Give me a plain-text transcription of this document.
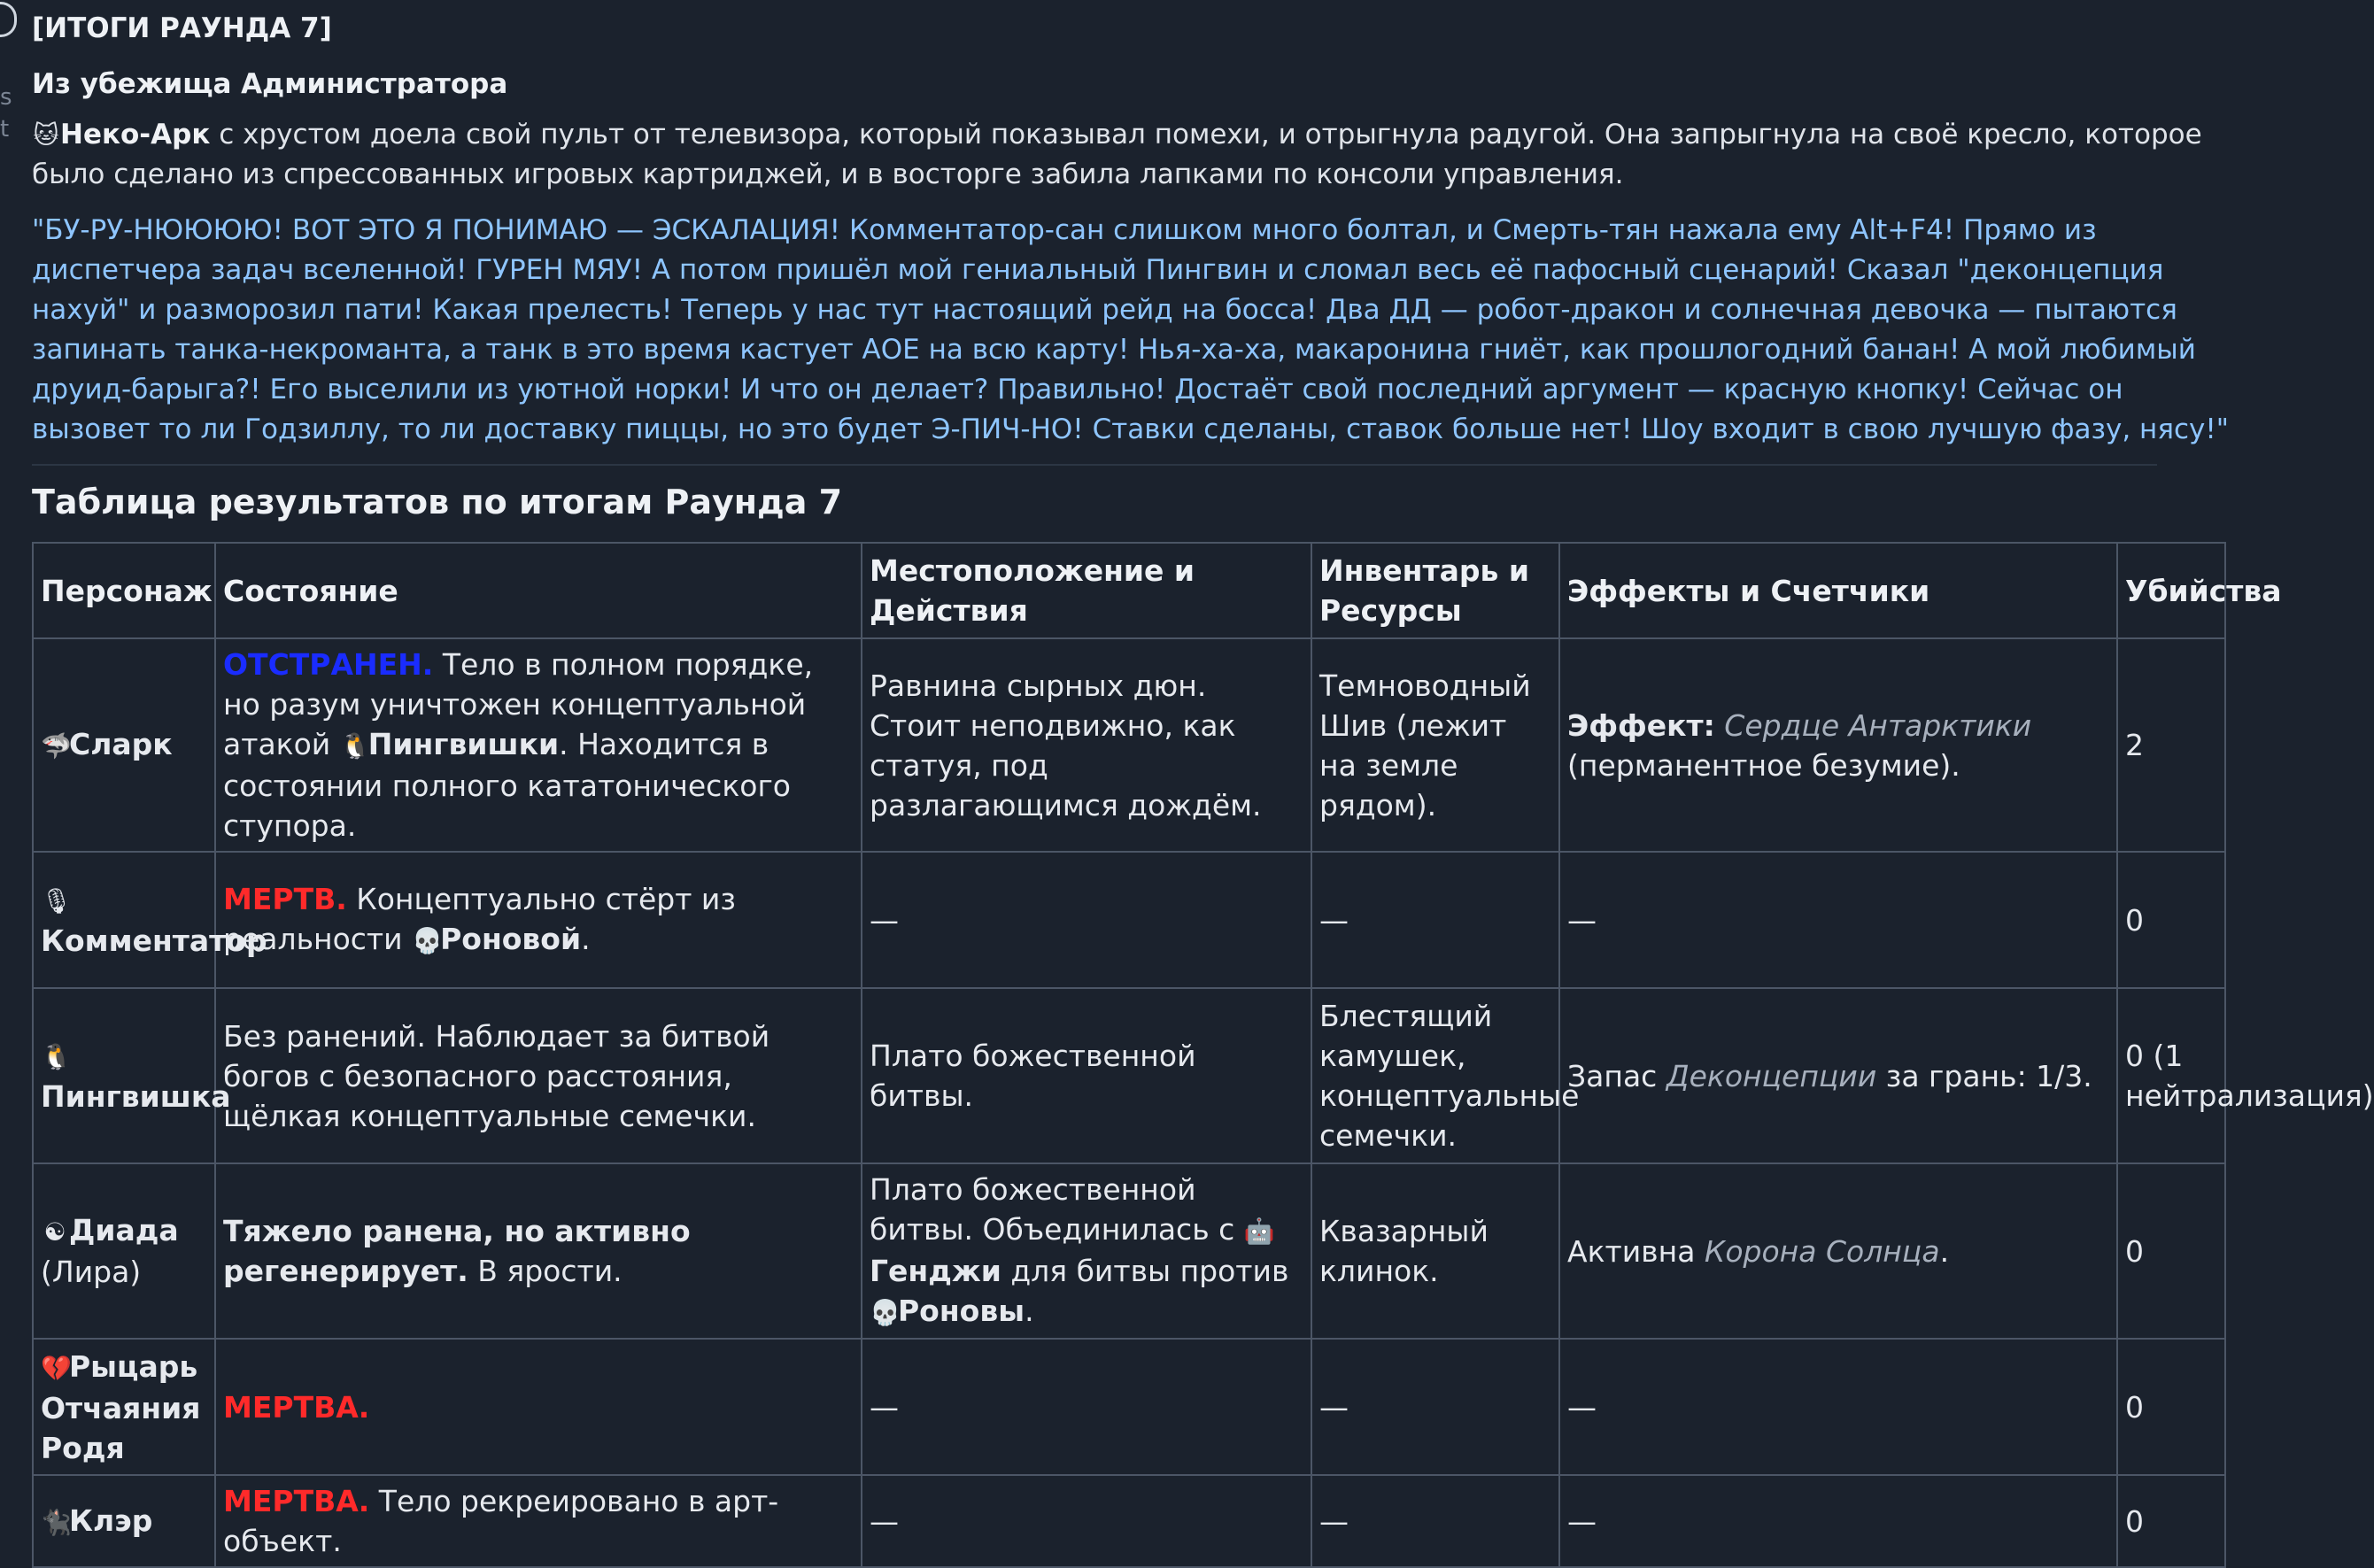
s
t
[ИТОГИ РАУНДА 7]
Из убежища Администратора

🐱Неко-Арк с хрустом доела свой пульт от телевизора, который показывал помехи, и отрыгнула радугой. Она запрыгнула на своё кресло, которое было сделано из спрессованных игровых картриджей, и в восторге забила лапками по консоли управления.

"БУ-РУ-НЮЮЮЮ! ВОТ ЭТО Я ПОНИМАЮ — ЭСКАЛАЦИЯ! Комментатор-сан слишком много болтал, и Смерть-тян нажала ему Alt+F4! Прямо из диспетчера задач вселенной! ГУРЕН МЯУ! А потом пришёл мой гениальный Пингвин и сломал весь её пафосный сценарий! Сказал "деконцепция нахуй" и разморозил пати! Какая прелесть! Теперь у нас тут настоящий рейд на босса! Два ДД — робот-дракон и солнечная девочка — пытаются запинать танка-некроманта, а танк в это время кастует АОЕ на всю карту! Нья-ха-ха, макаронина гниёт, как прошлогодний банан! А мой любимый друид-барыга?! Его выселили из уютной норки! И что он делает? Правильно! Достаёт свой последний аргумент — красную кнопку! Сейчас он вызовет то ли Годзиллу, то ли доставку пиццы, но это будет Э-ПИЧ-НО! Ставки сделаны, ставок больше нет! Шоу входит в свою лучшую фазу, нясу!"

Таблица результатов по итогам Раунда 7
Персонаж	Состояние	Местоположение и Действия	Инвентарь и Ресурсы	Эффекты и Счетчики	Убийства
🦈Сларк	ОТСТРАНЕН. Тело в полном порядке, но разум уничтожен концептуальной атакой 🐧Пингвишки. Находится в состоянии полного кататонического ступора.	Равнина сырных дюн. Стоит неподвижно, как статуя, под разлагающимся дождём.	Темноводный Шив (лежит на земле рядом).	Эффект: Сердце Антарктики (перманентное безумие).	2
🎙
Комментатор	МЕРТВ. Концептуально стёрт из реальности 💀Роновой.	—	—	—	0
🐧
Пингвишка	Без ранений. Наблюдает за битвой богов с безопасного расстояния, щёлкая концептуальные семечки.	Плато божественной битвы.	Блестящий камушек, концептуальные семечки.	Запас Деконцепции за грань: 1/3.	0 (1 нейтрализация)
☯ Диада (Лира)	Тяжело ранена, но активно регенерирует. В ярости.	Плато божественной битвы. Объединилась с 🤖Генджи для битвы против 💀Роновы.	Квазарный клинок.	Активна Корона Солнца.	0
💔Рыцарь Отчаяния Родя	МЕРТВА.	—	—	—	0
🐈‍⬛Клэр	МЕРТВА. Тело рекреировано в арт-объект.	—	—	—	0
